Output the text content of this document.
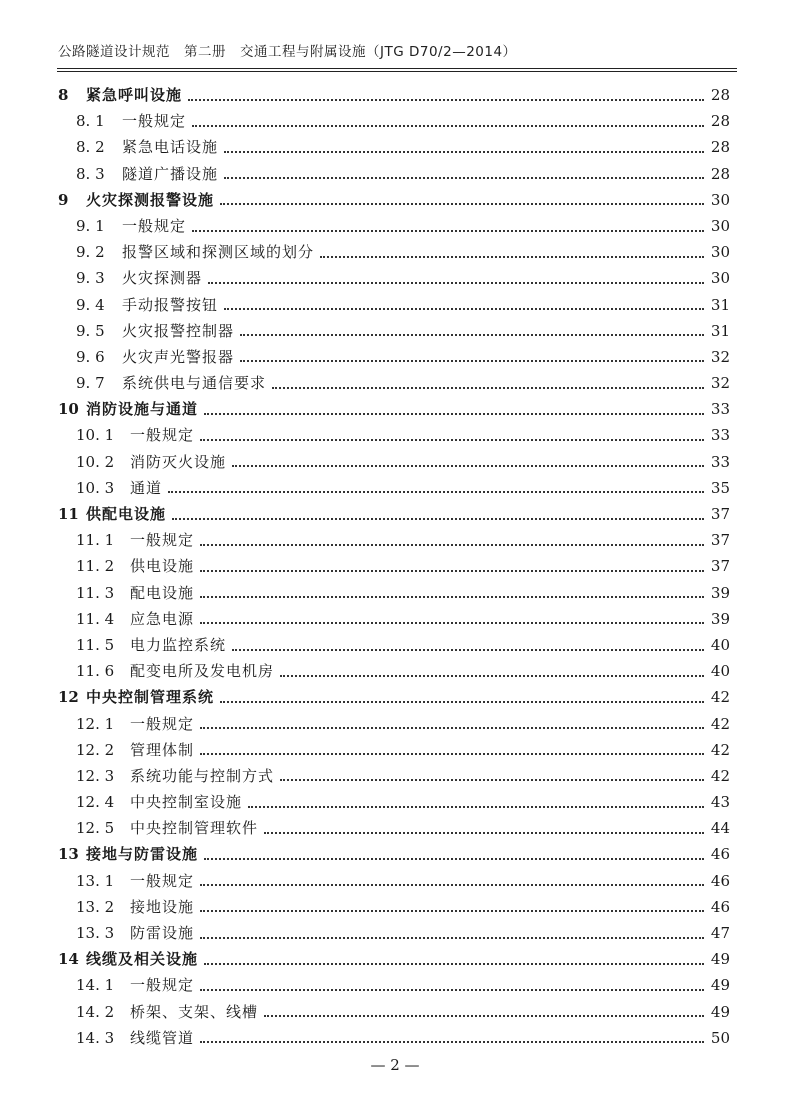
公路隧道设计规范　第二册　交通工程与附属设施（JTG D70/2—2014）
8	紧急呼叫设施	28
8. 1	一般规定	28
8. 2	紧急电话设施	28
8. 3	隧道广播设施	28
9	火灾探测报警设施	30
9. 1	一般规定	30
9. 2	报警区域和探测区域的划分	30
9. 3	火灾探测器	30
9. 4	手动报警按钮	31
9. 5	火灾报警控制器	31
9. 6	火灾声光警报器	32
9. 7	系统供电与通信要求	32
10 消防设施与通道	33
10. 1	一般规定	33
10. 2	消防灭火设施	33
10. 3	通道	35
11 供配电设施	37
11. 1	一般规定	37
11. 2	供电设施	37
11. 3	配电设施	39
11. 4	应急电源	39
11. 5	电力监控系统	40
11. 6	配变电所及发电机房	40
12 中央控制管理系统	42
12. 1	一般规定	42
12. 2	管理体制	42
12. 3	系统功能与控制方式	42
12. 4	中央控制室设施	43
12. 5	中央控制管理软件	44
13 接地与防雷设施	46
13. 1	一般规定	46
13. 2	接地设施	46
13. 3	防雷设施	47
14 线缆及相关设施	49
14. 1	一般规定	49
14. 2	桥架、支架、线槽	49
14. 3	线缆管道	50
— 2 —
